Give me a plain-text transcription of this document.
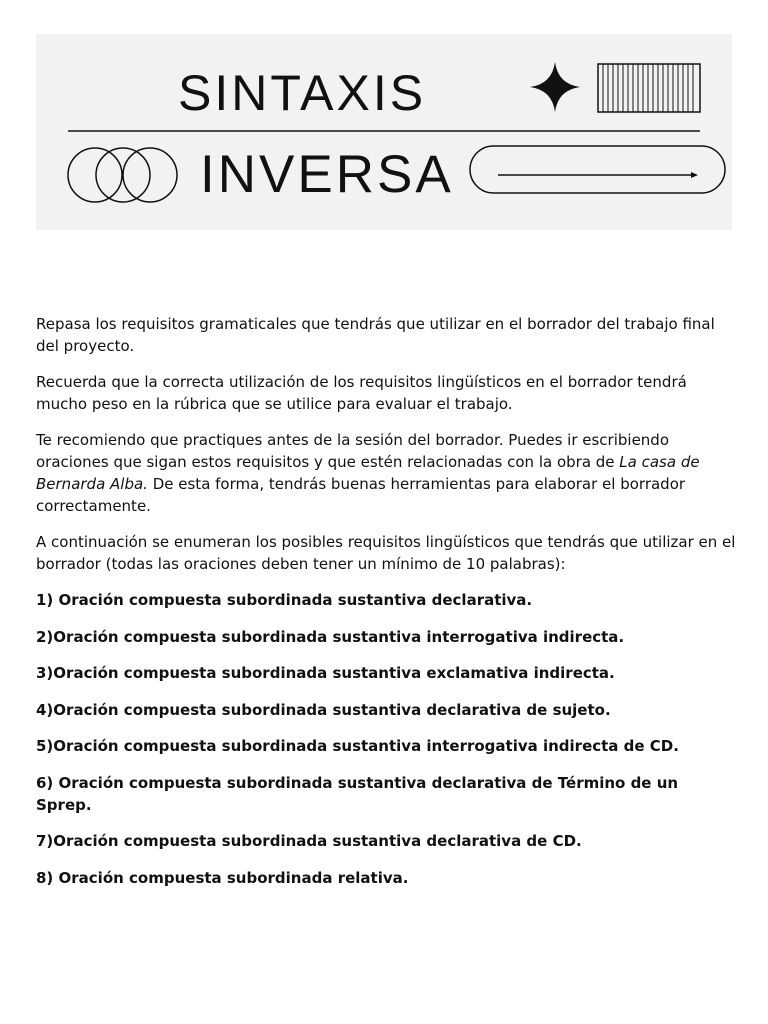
SINTAXIS
INVERSA

Repasa los requisitos gramaticales que tendrás que utilizar en el borrador del trabajo final del proyecto.

Recuerda que la correcta utilización de los requisitos lingüísticos en el borrador tendrá mucho peso en la rúbrica que se utilice para evaluar el trabajo.

Te recomiendo que practiques antes de la sesión del borrador. Puedes ir escribiendo oraciones que sigan estos requisitos y que estén relacionadas con la obra de La casa de Bernarda Alba. De esta forma, tendrás buenas herramientas para elaborar el borrador correctamente.

A continuación se enumeran los posibles requisitos lingüísticos que tendrás que utilizar en el borrador (todas las oraciones deben tener un mínimo de 10 palabras):

1) Oración compuesta subordinada sustantiva declarativa.

2)Oración compuesta subordinada sustantiva interrogativa indirecta.

3)Oración compuesta subordinada sustantiva exclamativa indirecta.

4)Oración compuesta subordinada sustantiva declarativa de sujeto.

5)Oración compuesta subordinada sustantiva interrogativa indirecta de CD.

6) Oración compuesta subordinada sustantiva declarativa de Término de un Sprep.

7)Oración compuesta subordinada sustantiva declarativa de CD.

8) Oración compuesta subordinada relativa.
